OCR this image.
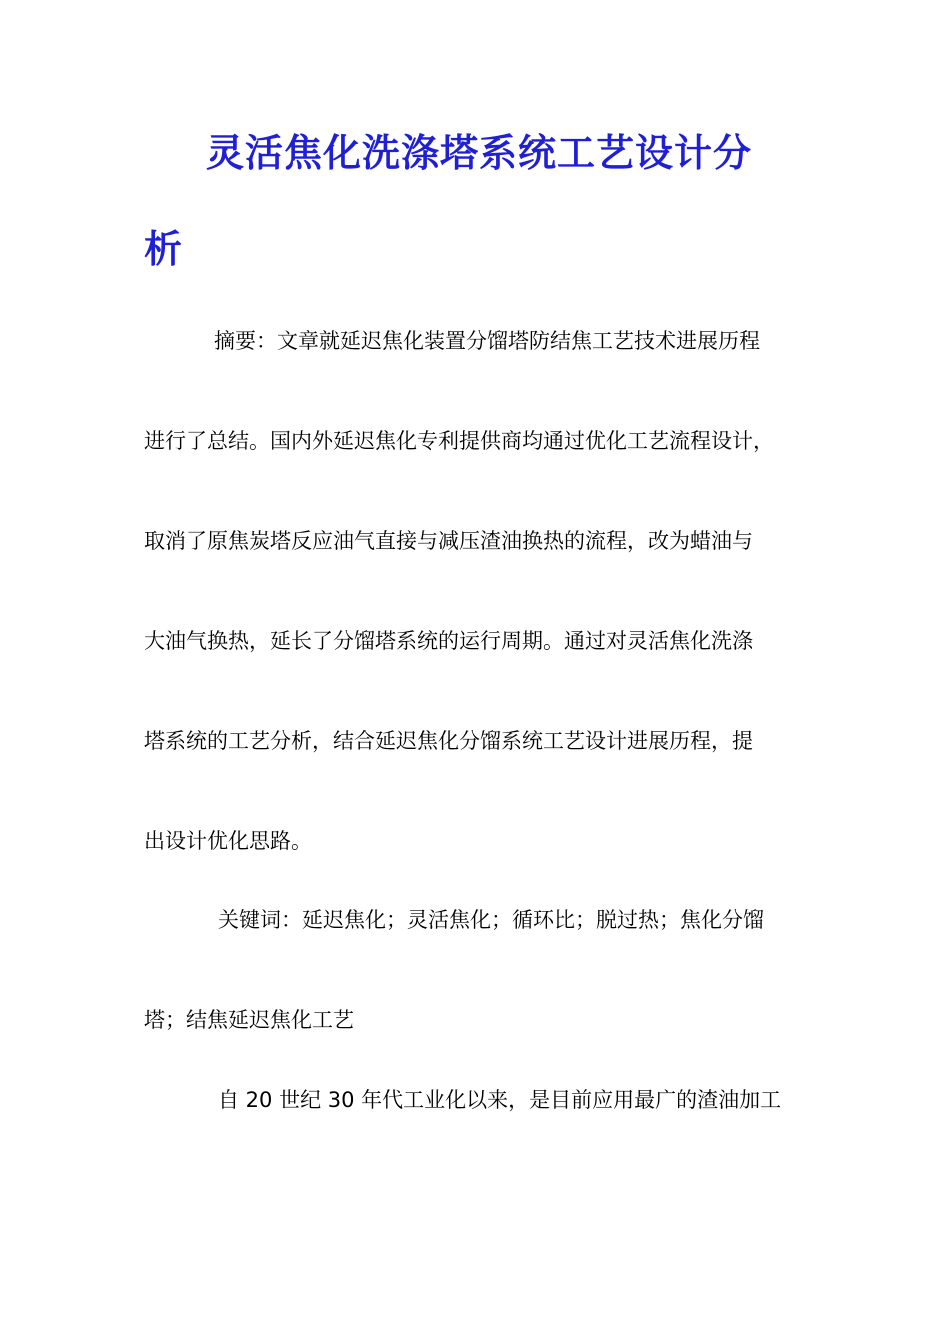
灵活焦化洗涤塔系统工艺设计分
析
摘要：文章就延迟焦化装置分馏塔防结焦工艺技术进展历程
进行了总结。国内外延迟焦化专利提供商均通过优化工艺流程设计，
取消了原焦炭塔反应油气直接与减压渣油换热的流程，改为蜡油与
大油气换热，延长了分馏塔系统的运行周期。通过对灵活焦化洗涤
塔系统的工艺分析，结合延迟焦化分馏系统工艺设计进展历程，提
出设计优化思路。
关键词：延迟焦化；灵活焦化；循环比；脱过热；焦化分馏
塔；结焦延迟焦化工艺
自 20 世纪 30 年代工业化以来，是目前应用最广的渣油加工
